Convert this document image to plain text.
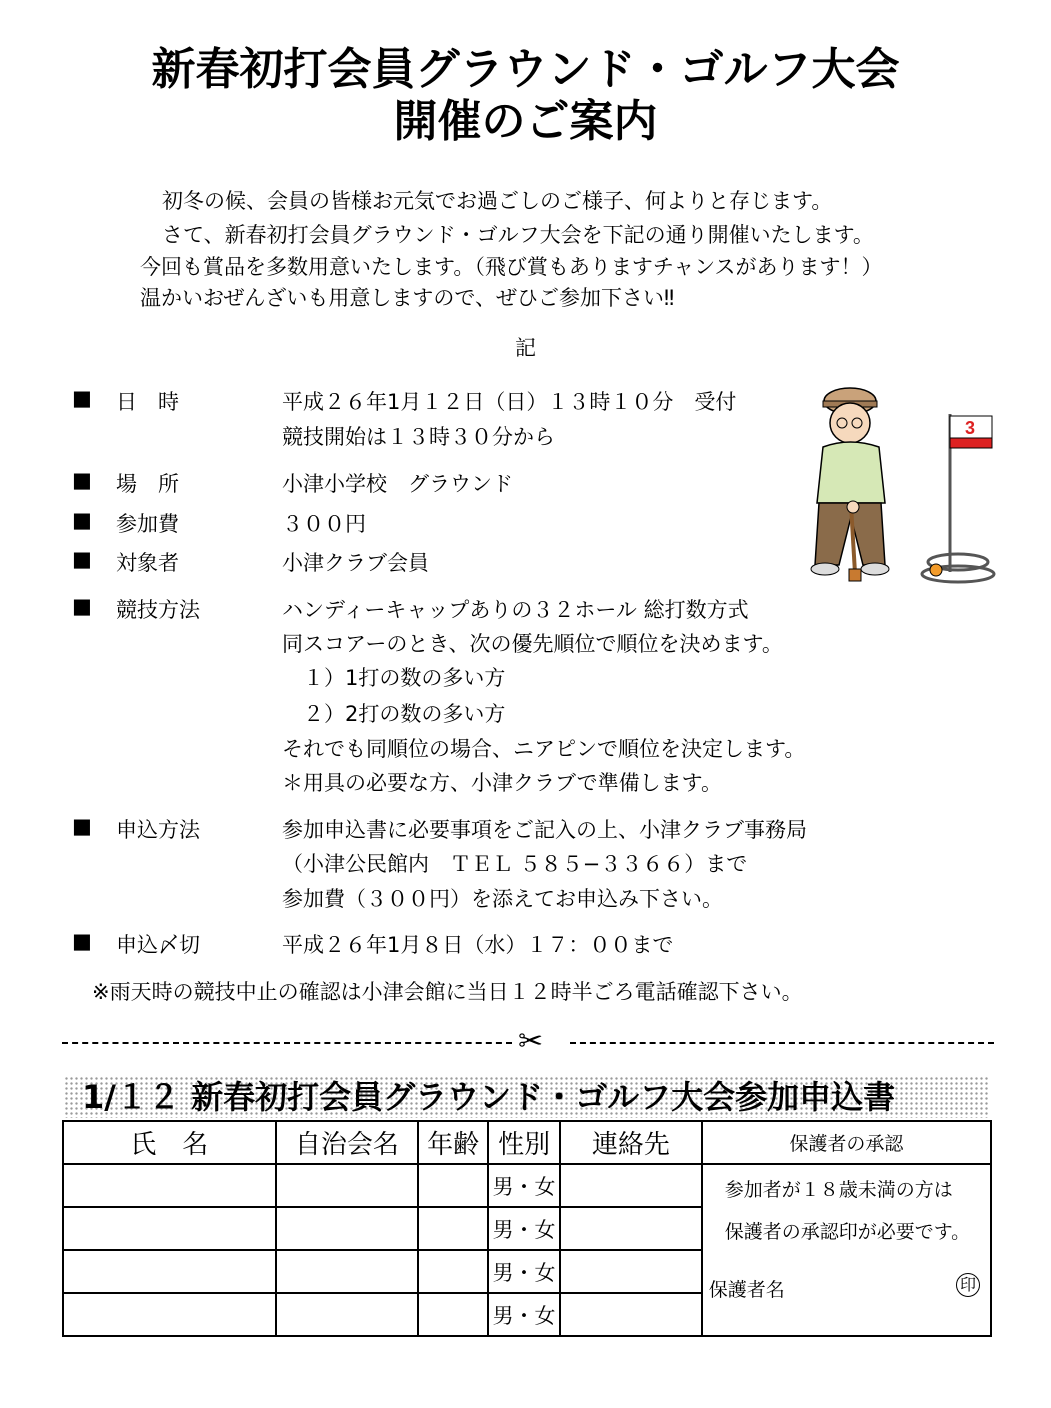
新春初打会員グラウンド・ゴルフ大会
開催のご案内
初冬の候、会員の皆様お元気でお過ごしのご様子、何よりと存じます。
さて、新春初打会員グラウンド・ゴルフ大会を下記の通り開催いたします。
今回も賞品を多数用意いたします。（飛び賞もありますチャンスがあります！）
温かいおぜんざいも用意しますので、ぜひご参加下さい‼
記
■ 日　時	平成２６年1月１２日（日）１３時１０分　受付
競技開始は１３時３０分から
■ 場　所	小津小学校　グラウンド
■ 参加費	３００円
■ 対象者	小津クラブ会員
■ 競技方法	ハンディーキャップありの３２ホール 総打数方式
同スコアーのとき、次の優先順位で順位を決めます。
　１）1打の数の多い方
　２）2打の数の多い方
それでも同順位の場合、ニアピンで順位を決定します。
＊用具の必要な方、小津クラブで準備します。
■ 申込方法	参加申込書に必要事項をご記入の上、小津クラブ事務局
（小津公民館内　ＴＥＬ ５８５−３３６６）まで
参加費（３００円）を添えてお申込み下さい。
■ 申込〆切	平成２６年1月８日（水）１７：００まで
※雨天時の競技中止の確認は小津会館に当日１２時半ごろ電話確認下さい。
3
✂
1/１２ 新春初打会員グラウンド・ゴルフ大会参加申込書
氏　名	自治会名	年齢	性別	連絡先	保護者の承認
			男・女		参加者が１８歳未満の方は
保護者の承認印が必要です。
保護者名 印

			男・女		
			男・女		
			男・女		
